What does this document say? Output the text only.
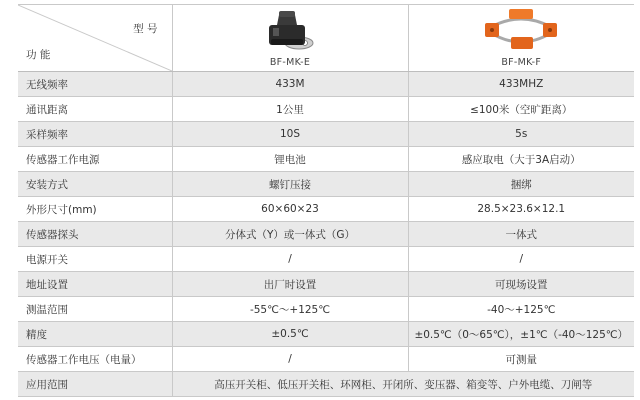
型 号
功 能	BF-MK-E	BF-MK-F

无线频率	433M	433MHZ
通讯距离	1公里	≤100米（空旷距离）
采样频率	10S	5s
传感器工作电源	锂电池	感应取电（大于3A启动）
安装方式	螺钉压接	捆绑
外形尺寸(mm)	60×60×23	28.5×23.6×12.1
传感器探头	分体式（Y）或一体式（G）	一体式
电源开关	/	/
地址设置	出厂时设置	可现场设置
测温范围	-55℃～+125℃	-40～+125℃
精度	±0.5℃	±0.5℃（0～65℃），±1℃（-40～125℃）
传感器工作电压（电量）	/	可测量
应用范围	高压开关柜、低压开关柜、环网柜、开闭所、变压器、箱变等、户外电缆、刀闸等	
